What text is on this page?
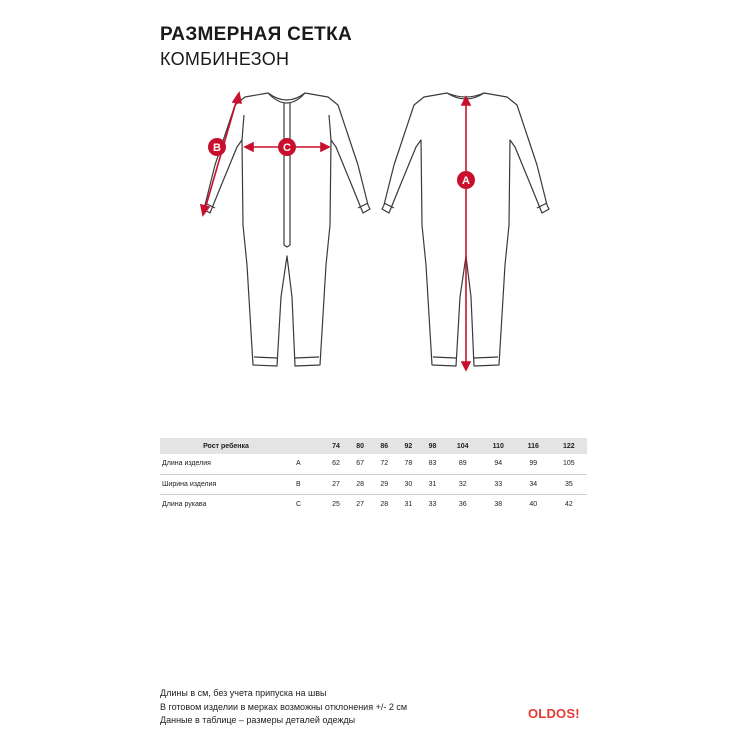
РАЗМЕРНАЯ СЕТКА
КОМБИНЕЗОН
B	C
A
Рост ребенка		74	80	86	92	98	104	110	116	122
Длина изделия	A	62	67	72	78	83	89	94	99	105
Ширина изделия	B	27	28	29	30	31	32	33	34	35
Длина рукава	C	25	27	28	31	33	36	38	40	42
Длины в см, без учета припуска на швы
В готовом изделии в мерках возможны отклонения +/- 2 см
Данные в таблице – размеры деталей одежды	OLDOS!
